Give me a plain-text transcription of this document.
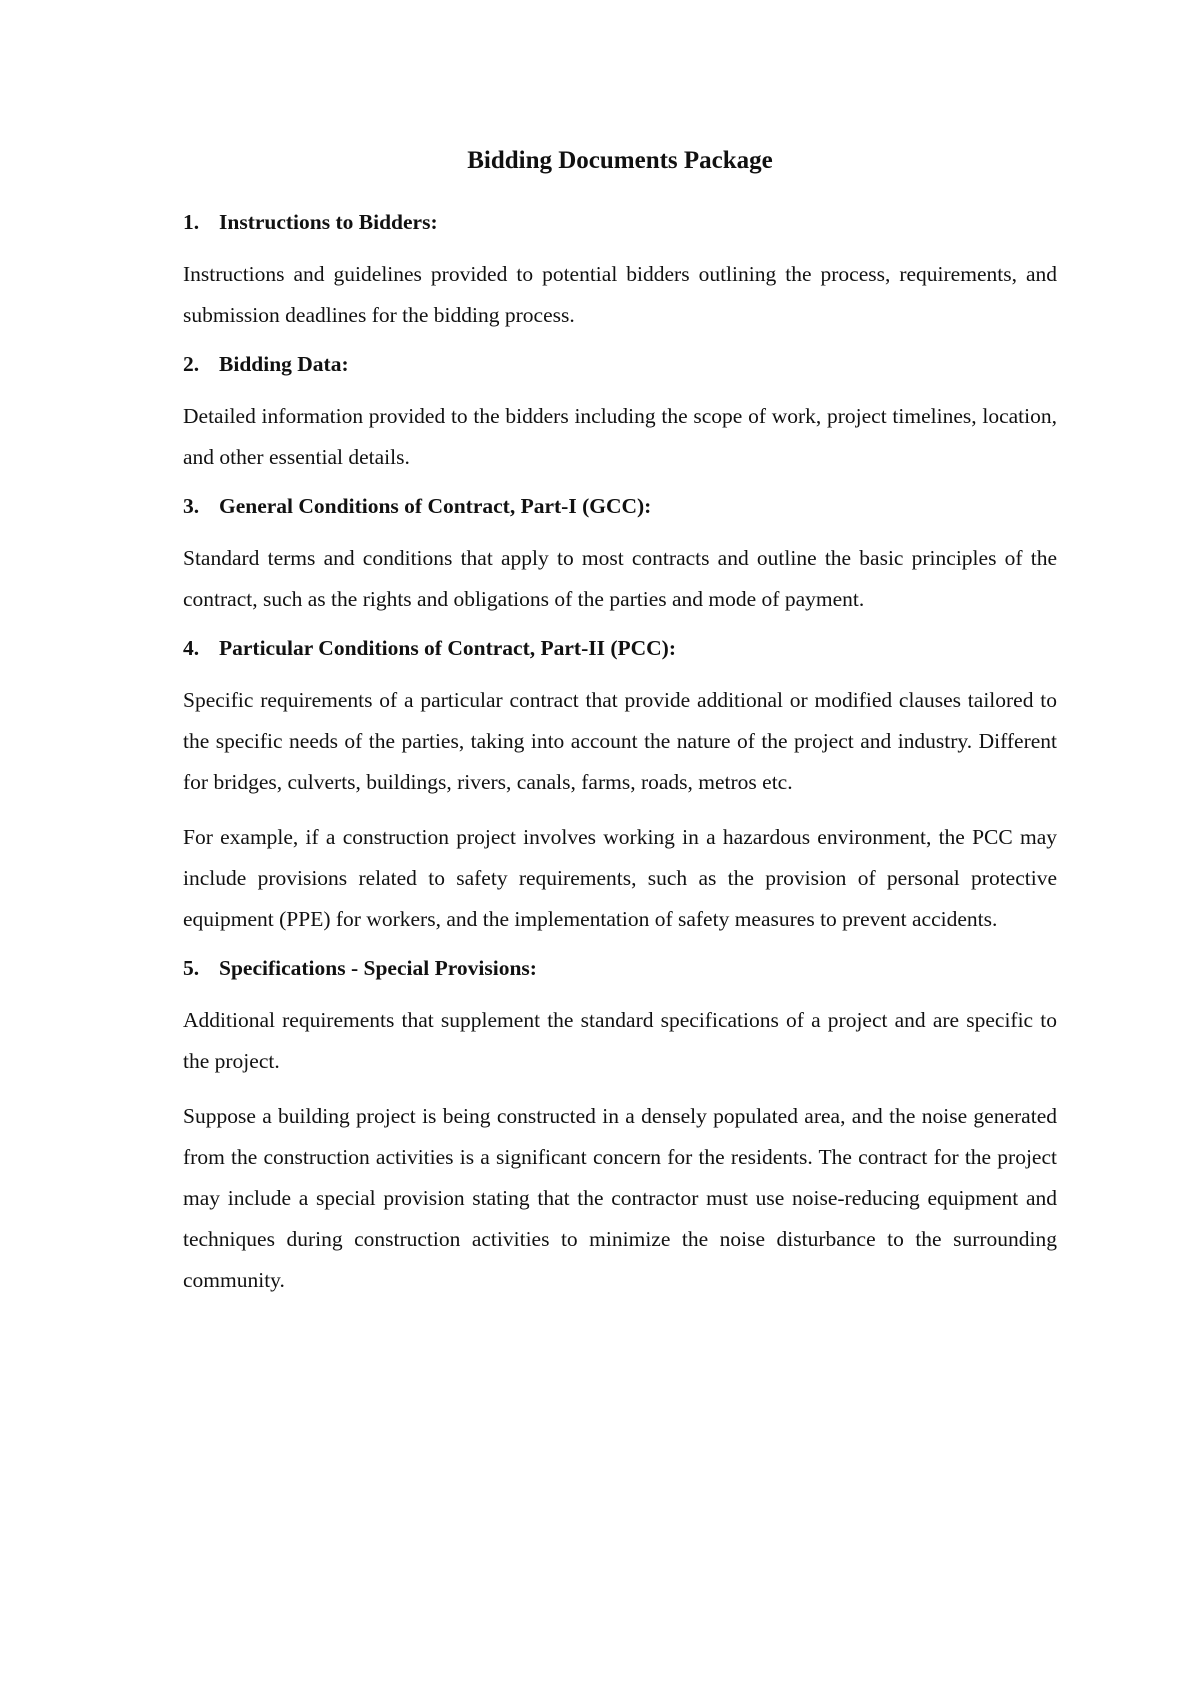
Bidding Documents Package
1. Instructions to Bidders:

Instructions and guidelines provided to potential bidders outlining the process, requirements, and submission deadlines for the bidding process.

2. Bidding Data:

Detailed information provided to the bidders including the scope of work, project timelines, location, and other essential details.

3. General Conditions of Contract, Part-I (GCC):

Standard terms and conditions that apply to most contracts and outline the basic principles of the contract, such as the rights and obligations of the parties and mode of payment.

4. Particular Conditions of Contract, Part-II (PCC):

Specific requirements of a particular contract that provide additional or modified clauses tailored to the specific needs of the parties, taking into account the nature of the project and industry. Different for bridges, culverts, buildings, rivers, canals, farms, roads, metros etc.

For example, if a construction project involves working in a hazardous environment, the PCC may include provisions related to safety requirements, such as the provision of personal protective equipment (PPE) for workers, and the implementation of safety measures to prevent accidents.

5. Specifications - Special Provisions:

Additional requirements that supplement the standard specifications of a project and are specific to the project.

Suppose a building project is being constructed in a densely populated area, and the noise generated from the construction activities is a significant concern for the residents. The contract for the project may include a special provision stating that the contractor must use noise-reducing equipment and techniques during construction activities to minimize the noise disturbance to the surrounding community.
